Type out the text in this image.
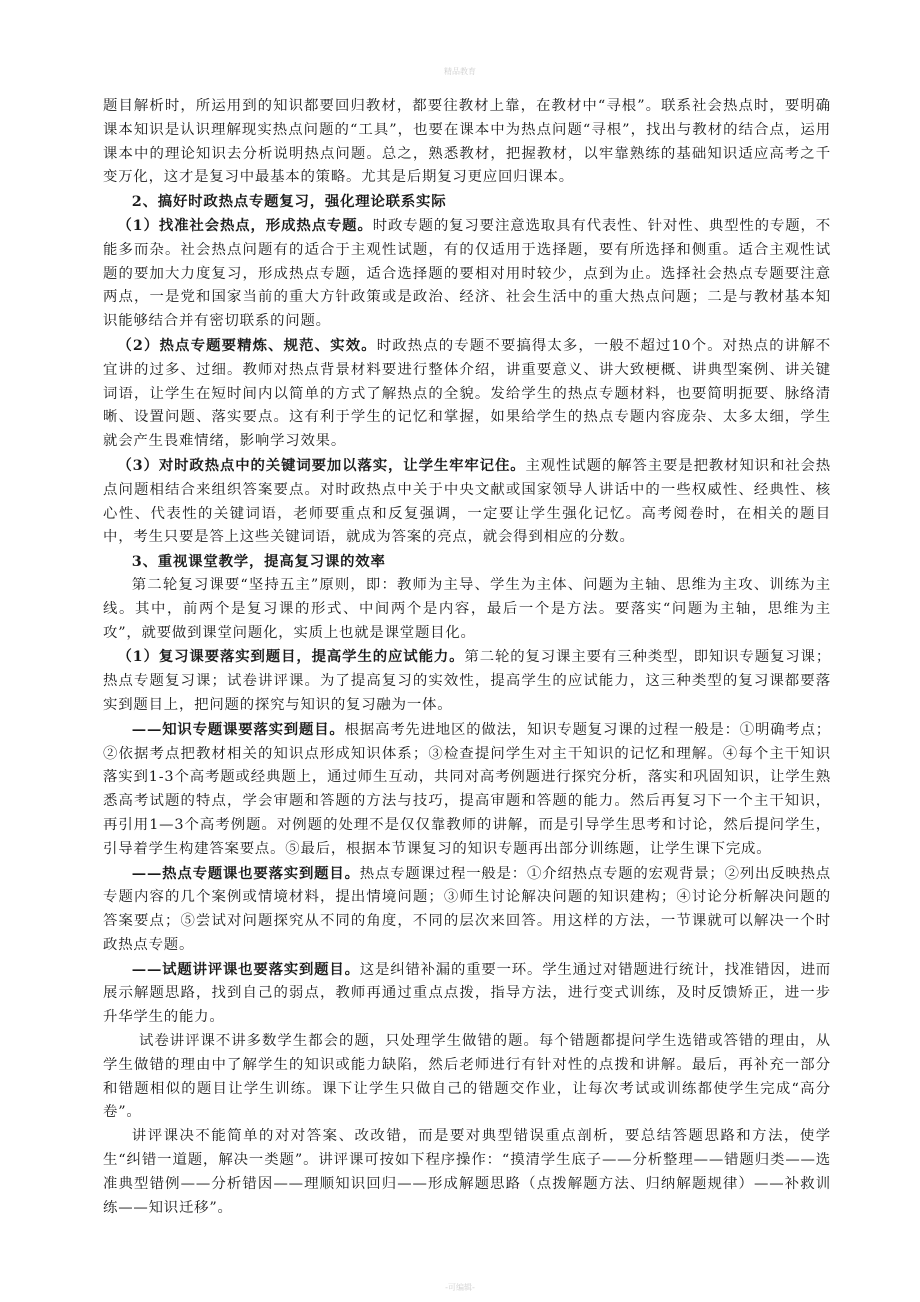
精品教育

题目解析时，所运用到的知识都要回归教材，都要往教材上靠，在教材中“寻根”。联系社会热点时，要明确课本知识是认识理解现实热点问题的“工具”，也要在课本中为热点问题“寻根”，找出与教材的结合点，运用课本中的理论知识去分析说明热点问题。总之，熟悉教材，把握教材，以牢靠熟练的基础知识适应高考之千变万化，这才是复习中最基本的策略。尤其是后期复习更应回归课本。

2、搞好时政热点专题复习，强化理论联系实际

（1）找准社会热点，形成热点专题。时政专题的复习要注意选取具有代表性、针对性、典型性的专题，不能多而杂。社会热点问题有的适合于主观性试题，有的仅适用于选择题，要有所选择和侧重。适合主观性试题的要加大力度复习，形成热点专题，适合选择题的要相对用时较少，点到为止。选择社会热点专题要注意两点，一是党和国家当前的重大方针政策或是政治、经济、社会生活中的重大热点问题；二是与教材基本知识能够结合并有密切联系的问题。

（2）热点专题要精炼、规范、实效。时政热点的专题不要搞得太多，一般不超过10个。对热点的讲解不宜讲的过多、过细。教师对热点背景材料要进行整体介绍，讲重要意义、讲大致梗概、讲典型案例、讲关键词语，让学生在短时间内以简单的方式了解热点的全貌。发给学生的热点专题材料，也要简明扼要、脉络清晰、设置问题、落实要点。这有利于学生的记忆和掌握，如果给学生的热点专题内容庞杂、太多太细，学生就会产生畏难情绪，影响学习效果。

（3）对时政热点中的关键词要加以落实，让学生牢牢记住。主观性试题的解答主要是把教材知识和社会热点问题相结合来组织答案要点。对时政热点中关于中央文献或国家领导人讲话中的一些权威性、经典性、核心性、代表性的关键词语，老师要重点和反复强调，一定要让学生强化记忆。高考阅卷时，在相关的题目中，考生只要是答上这些关键词语，就成为答案的亮点，就会得到相应的分数。

3、重视课堂教学，提高复习课的效率

第二轮复习课要“坚持五主”原则，即：教师为主导、学生为主体、问题为主轴、思维为主攻、训练为主线。其中，前两个是复习课的形式、中间两个是内容，最后一个是方法。要落实“问题为主轴，思维为主攻”，就要做到课堂问题化，实质上也就是课堂题目化。

（1）复习课要落实到题目，提高学生的应试能力。第二轮的复习课主要有三种类型，即知识专题复习课；热点专题复习课；试卷讲评课。为了提高复习的实效性，提高学生的应试能力，这三种类型的复习课都要落实到题目上，把问题的探究与知识的复习融为一体。

——知识专题课要落实到题目。根据高考先进地区的做法，知识专题复习课的过程一般是：①明确考点；②依据考点把教材相关的知识点形成知识体系；③检查提问学生对主干知识的记忆和理解。④每个主干知识落实到1-3个高考题或经典题上，通过师生互动，共同对高考例题进行探究分析，落实和巩固知识，让学生熟悉高考试题的特点，学会审题和答题的方法与技巧，提高审题和答题的能力。然后再复习下一个主干知识，再引用1—3个高考例题。对例题的处理不是仅仅靠教师的讲解，而是引导学生思考和讨论，然后提问学生，引导着学生构建答案要点。⑤最后，根据本节课复习的知识专题再出部分训练题，让学生课下完成。

——热点专题课也要落实到题目。热点专题课过程一般是：①介绍热点专题的宏观背景；②列出反映热点专题内容的几个案例或情境材料，提出情境问题；③师生讨论解决问题的知识建构；④讨论分析解决问题的答案要点；⑤尝试对问题探究从不同的角度，不同的层次来回答。用这样的方法，一节课就可以解决一个时政热点专题。

——试题讲评课也要落实到题目。这是纠错补漏的重要一环。学生通过对错题进行统计，找准错因，进而展示解题思路，找到自己的弱点，教师再通过重点点拨，指导方法，进行变式训练，及时反馈矫正，进一步升华学生的能力。

试卷讲评课不讲多数学生都会的题，只处理学生做错的题。每个错题都提问学生选错或答错的理由，从学生做错的理由中了解学生的知识或能力缺陷，然后老师进行有针对性的点拨和讲解。最后，再补充一部分和错题相似的题目让学生训练。课下让学生只做自己的错题交作业，让每次考试或训练都使学生完成“高分卷”。

讲评课决不能简单的对对答案、改改错，而是要对典型错误重点剖析，要总结答题思路和方法，使学生“纠错一道题，解决一类题”。讲评课可按如下程序操作：“摸清学生底子——分析整理——错题归类——选准典型错例——分析错因——理顺知识回归——形成解题思路（点拨解题方法、归纳解题规律）——补救训练——知识迁移”。

-可编辑-
